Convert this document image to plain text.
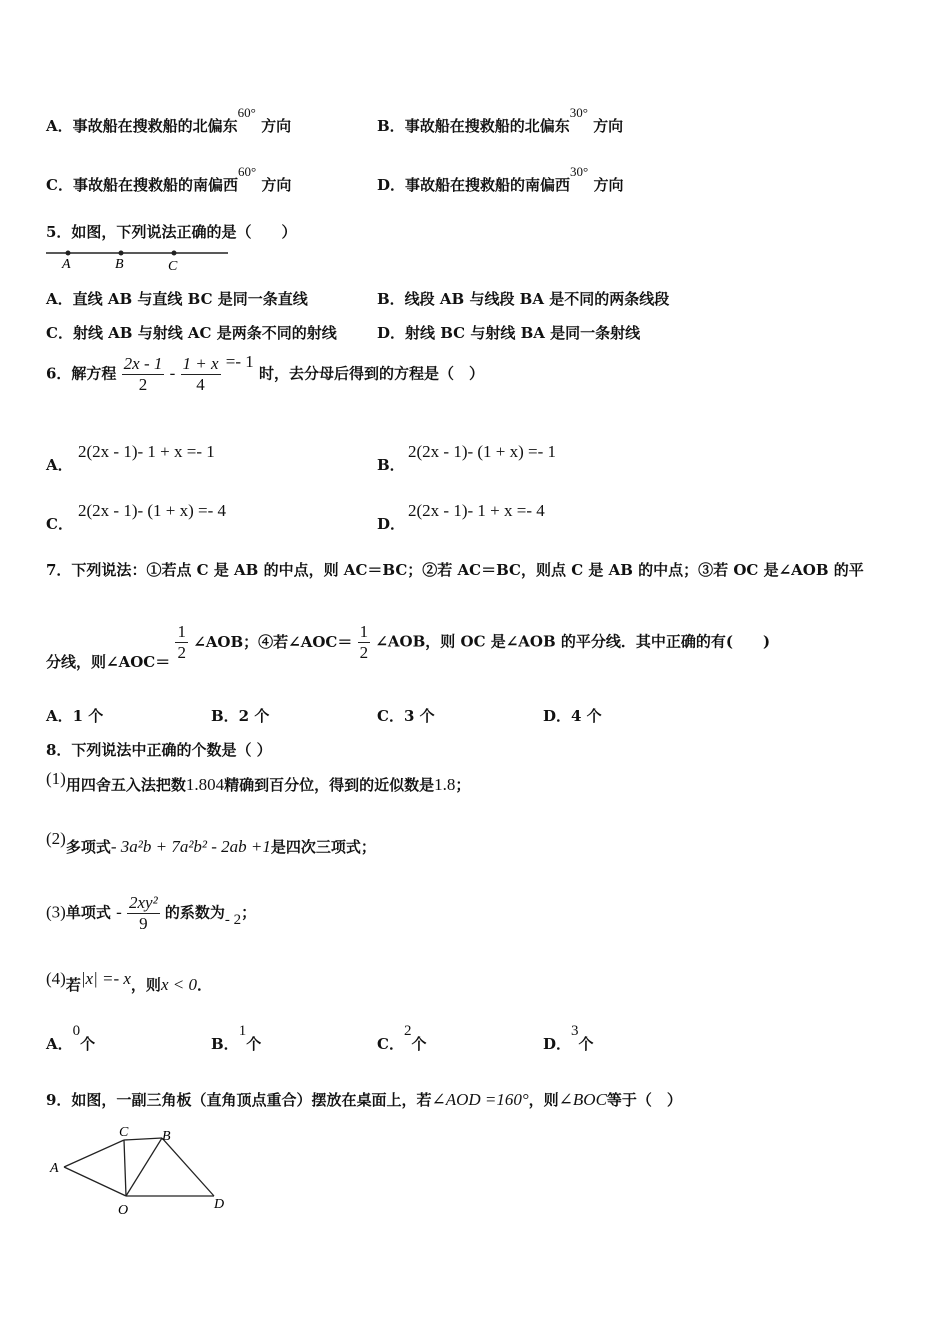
A．事故船在搜救船的北偏东60° 方向	B．事故船在搜救船的北偏东30° 方向
C．事故船在搜救船的南偏西60° 方向	D．事故船在搜救船的南偏西30° 方向
5．如图，下列说法正确的是（　　）
A	B	C
A．直线 AB 与直线 BC 是同一条直线	B．线段 AB 与线段 BA 是不同的两条线段
C．射线 AB 与射线 AC 是两条不同的射线	D．射线 BC 与射线 BA 是同一条射线
6．解方程 $\frac{2x - 1}{2} - \frac{1 + x}{4} =- 1$ 时，去分母后得到的方程是（　）
A．
2(2x - 1)- 1 + x =- 1
B．
2(2x - 1)- (1 + x) =- 1
C．
2(2x - 1)- (1 + x) =- 4
D．
2(2x - 1)- 1 + x =- 4
7．下列说法：①若点 C 是 AB 的中点，则 AC＝BC；②若 AC＝BC，则点 C 是 AB 的中点；③若 OC 是∠AOB 的平
分线，则∠AOC＝ $\frac{1}{2}$ ∠AOB；④若∠AOC＝ $\frac{1}{2}$ ∠AOB，则 OC 是∠AOB 的平分线．其中正确的有(　　)
A．1 个	B．2 个	C．3 个	D．4 个
8．下列说法中正确的个数是（ ）
(1)用四舍五入法把数1.804精确到百分位，得到的近似数是1.8；
(2)多项式- 3a²b + 7a²b² - 2ab +1是四次三项式；
(3)单项式 - $\frac{\text{2xy²}}{9}$ 的系数为- 2；
(4)若|x| =- x，则x < 0．
A．0个	B．1个	C．2个	D．3个
9．如图，一副三角板（直角顶点重合）摆放在桌面上，若∠AOD =160°，则∠BOC等于（　）
C B
A
O	D
